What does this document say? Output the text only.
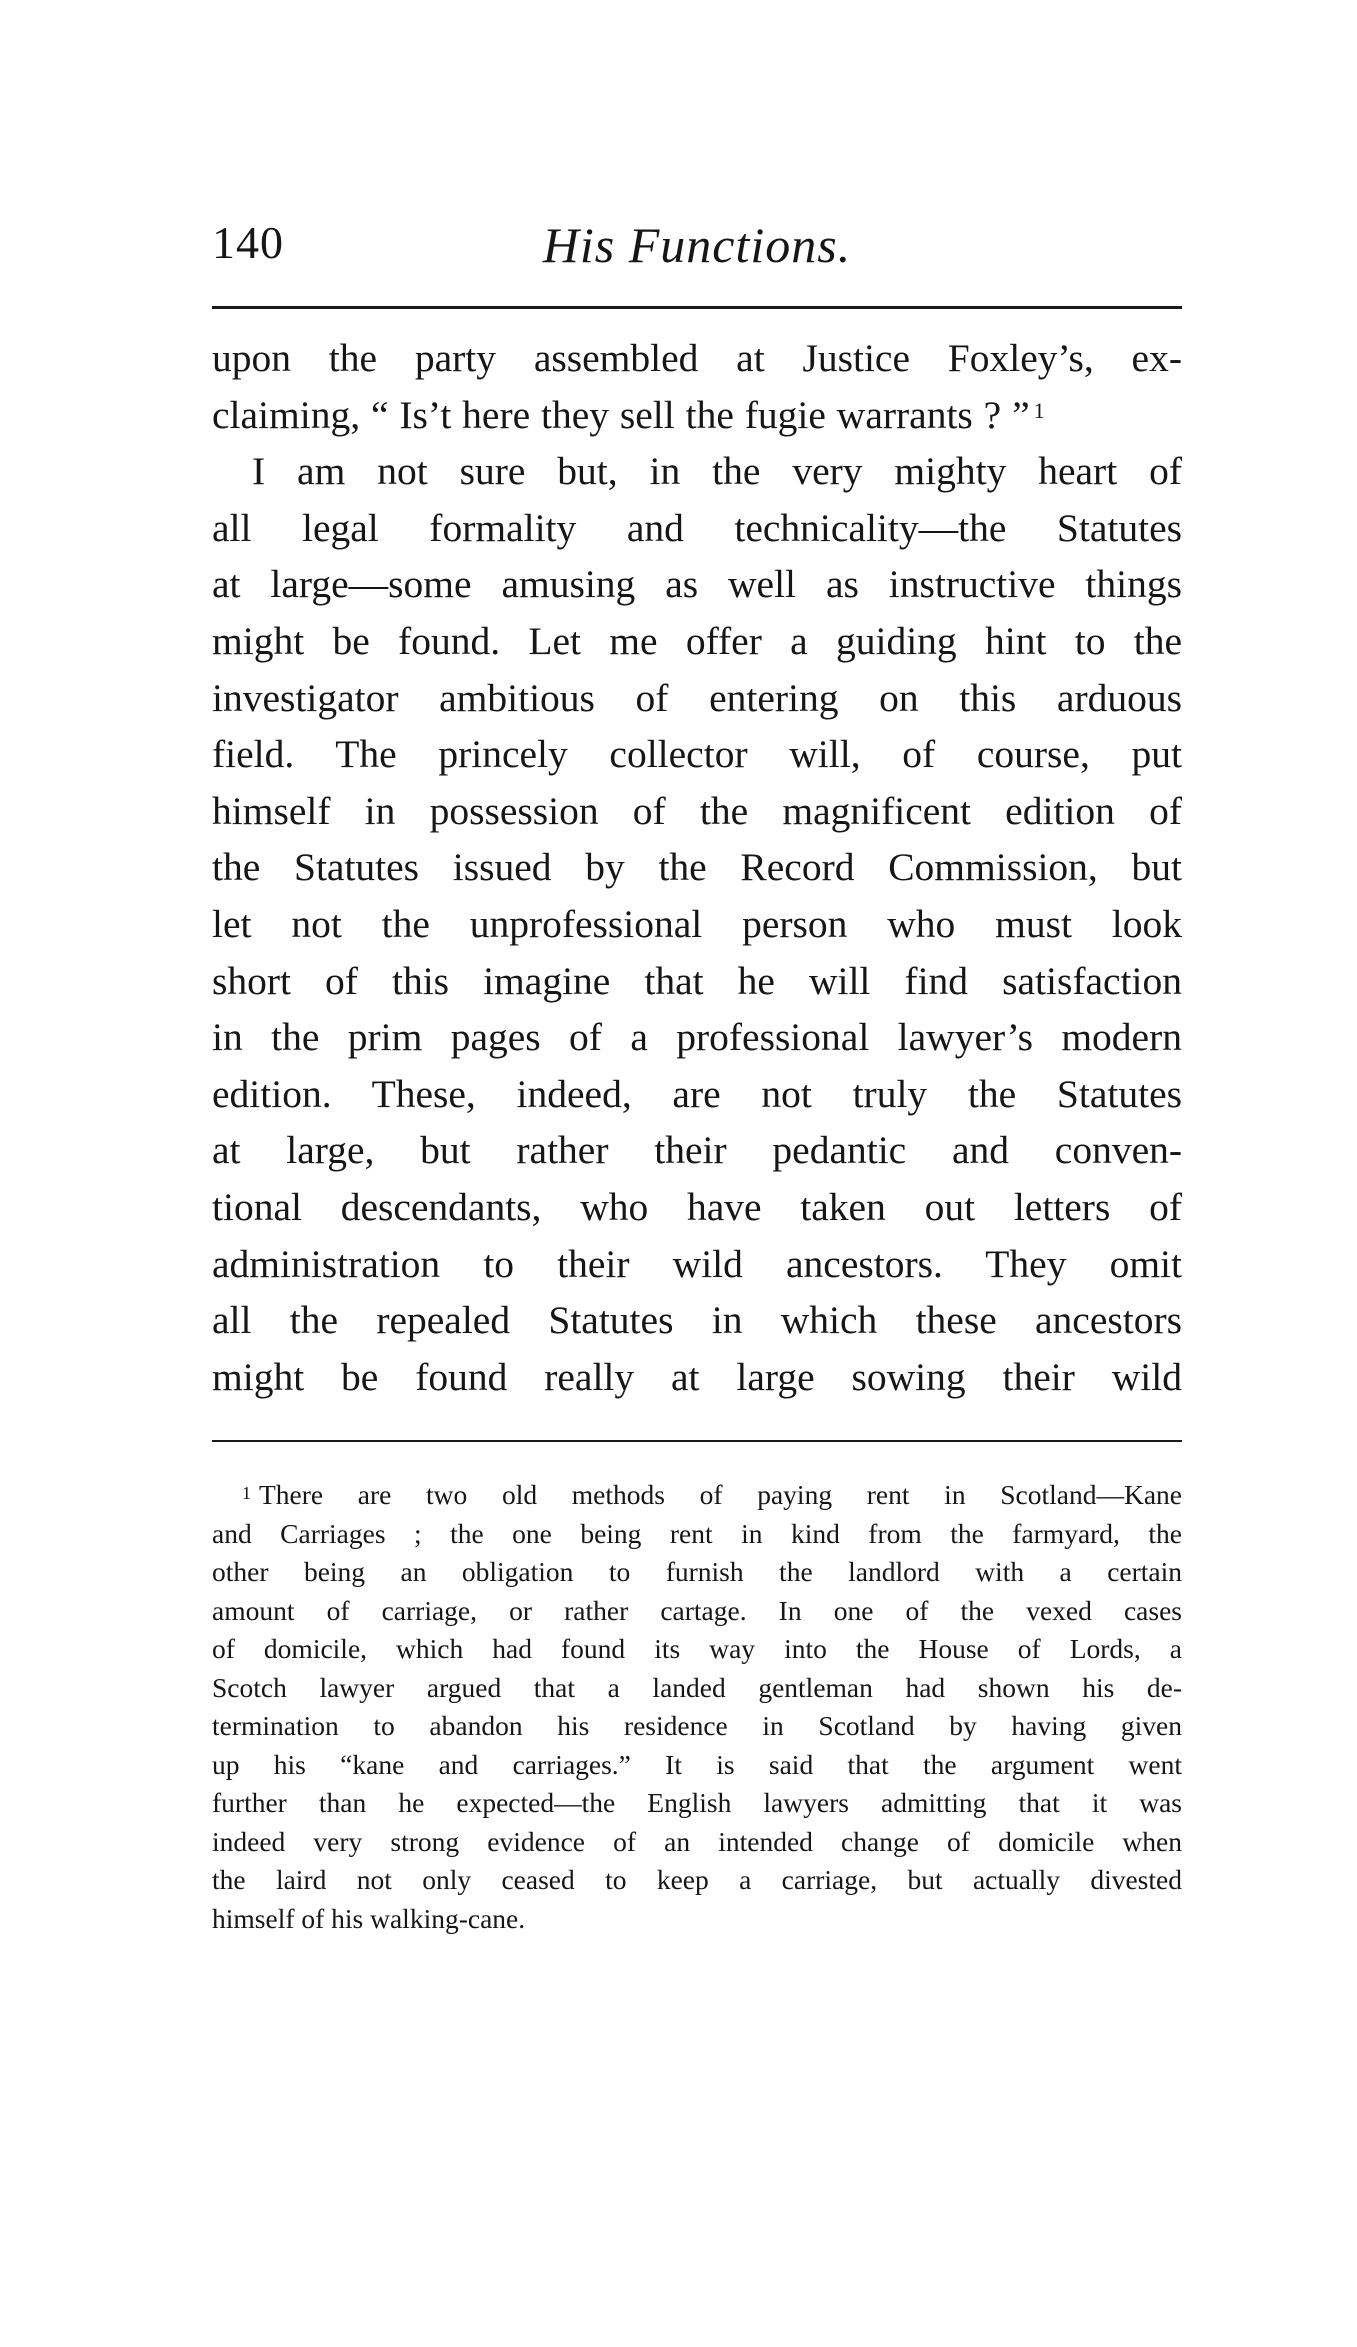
140	His Functions.
upon the party assembled at Justice Foxley’s, ex-
claiming, “ Is’t here they sell the fugie warrants ? ” $^1$
I am not sure but, in the very mighty heart of
all legal formality and technicality—the Statutes
at large—some amusing as well as instructive things
might be found. Let me offer a guiding hint to the
investigator ambitious of entering on this arduous
field. The princely collector will, of course, put
himself in possession of the magnificent edition of
the Statutes issued by the Record Commission, but
let not the unprofessional person who must look
short of this imagine that he will find satisfaction
in the prim pages of a professional lawyer’s modern
edition. These, indeed, are not truly the Statutes
at large, but rather their pedantic and conven-
tional descendants, who have taken out letters of
administration to their wild ancestors. They omit
all the repealed Statutes in which these ancestors
might be found really at large sowing their wild
$^1$ There are two old methods of paying rent in Scotland—Kane
and Carriages ; the one being rent in kind from the farmyard, the
other being an obligation to furnish the landlord with a certain
amount of carriage, or rather cartage. In one of the vexed cases
of domicile, which had found its way into the House of Lords, a
Scotch lawyer argued that a landed gentleman had shown his de-
termination to abandon his residence in Scotland by having given
up his “kane and carriages.” It is said that the argument went
further than he expected—the English lawyers admitting that it was
indeed very strong evidence of an intended change of domicile when
the laird not only ceased to keep a carriage, but actually divested
himself of his walking-cane.
